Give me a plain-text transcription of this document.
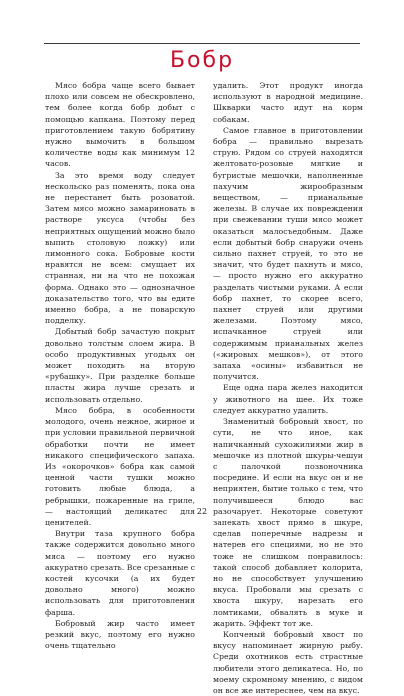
Бобр

Мясо бобра чаще всего бывает плохо или совсем не обескровлено, тем более когда бобр добыт с помощью капкана. Поэтому перед приготовлением такую бобрятину нужно вымочить в большом количестве воды как минимум 12 часов.

За это время воду следует нескольско раз поменять, пока она не перестанет быть розоватой. Затем мясо можно замариновать в растворе уксуса (чтобы без неприятных ощущений можно было выпить столовую ложку) или лимонного сока. Бобровые кости нравятся не всем: смущает их странная, ни на что не похожая форма. Однако это — однозначное доказательство того, что вы едите именно бобра, а не поварскую подделку.

Добытый бобр зачастую покрыт довольно толстым слоем жира. В особо продуктивных угодьях он может походить на вторую «рубашку». При разделке больше пласты жира лучше срезать и использовать отдельно.

Мясо бобра, в особенности молодого, очень нежное, жирное и при условии правильной первичной обработки почти не имеет никакого специфического запаха. Из «окорочков» бобра как самой ценной части тушки можно готовить любые блюда, а ребрышки, пожаренные на гриле, — настоящий деликатес для ценителей.

Внутри таза крупного бобра также содержится довольно много мяса — поэтому его нужно аккуратно срезать. Все срезанные с костей кусочки (а их будет довольно много) можно использовать для приготовления фарша.

Бобровый жир часто имеет резкий вкус, поэтому его нужно очень тщательно

удалить. Этот продукт иногда используют в народной медицине. Шкварки часто идут на корм собакам.

Самое главное в приготовлении бобра — правильно вырезать струю. Рядом со струей находятся желтовато-розовые мягкие и бугристые мешочки, наполненные пахучим жирообразным веществом, — прианальные железы. В случае их повреждения при свежевании туши мясо может оказаться малосъедобным. Даже если добытый бобр снаружи очень сильно пахнет струей, то это не значит, что будет пахнуть и мясо, — просто нужно его аккуратно разделать чистыми руками. А если бобр пахнет, то скорее всего, пахнет струей или другими железами. Поэтому мясо, испачканное струей или содержимым прианальных желез («жировых мешков»), от этого запаха «осины» избавиться не получится.

Еще одна пара желез находится у животного на шее. Их тоже следует аккуратно удалить.

Знаменитый бобровый хвост, по сути, не что иное, как напичканный сухожилиями жир в мешочке из плотной шкуры-чешуи с палочкой позвоночника посредине. И если на вкус он и не неприятен, бытие только с тем, что получившееся блюдо вас разочарует. Некоторые советуют запекать хвост прямо в шкуре, сделав поперечные надрезы и натерев его специями, но не это тоже не слишком понравилось: такой способ добавляет колорита, но не способствует улучшению вкуса. Пробовали мы срезать с хвоста шкуру, нарезать его ломтиками, обвалять в муке и жарить. Эффект тот же.

Копченый бобровый хвост по вкусу напоминает жирную рыбу. Среди охотников есть страстные любители этого деликатеса. Но, по моему скромному мнению, с видом он все же интереснее, чем на вкус.

22
